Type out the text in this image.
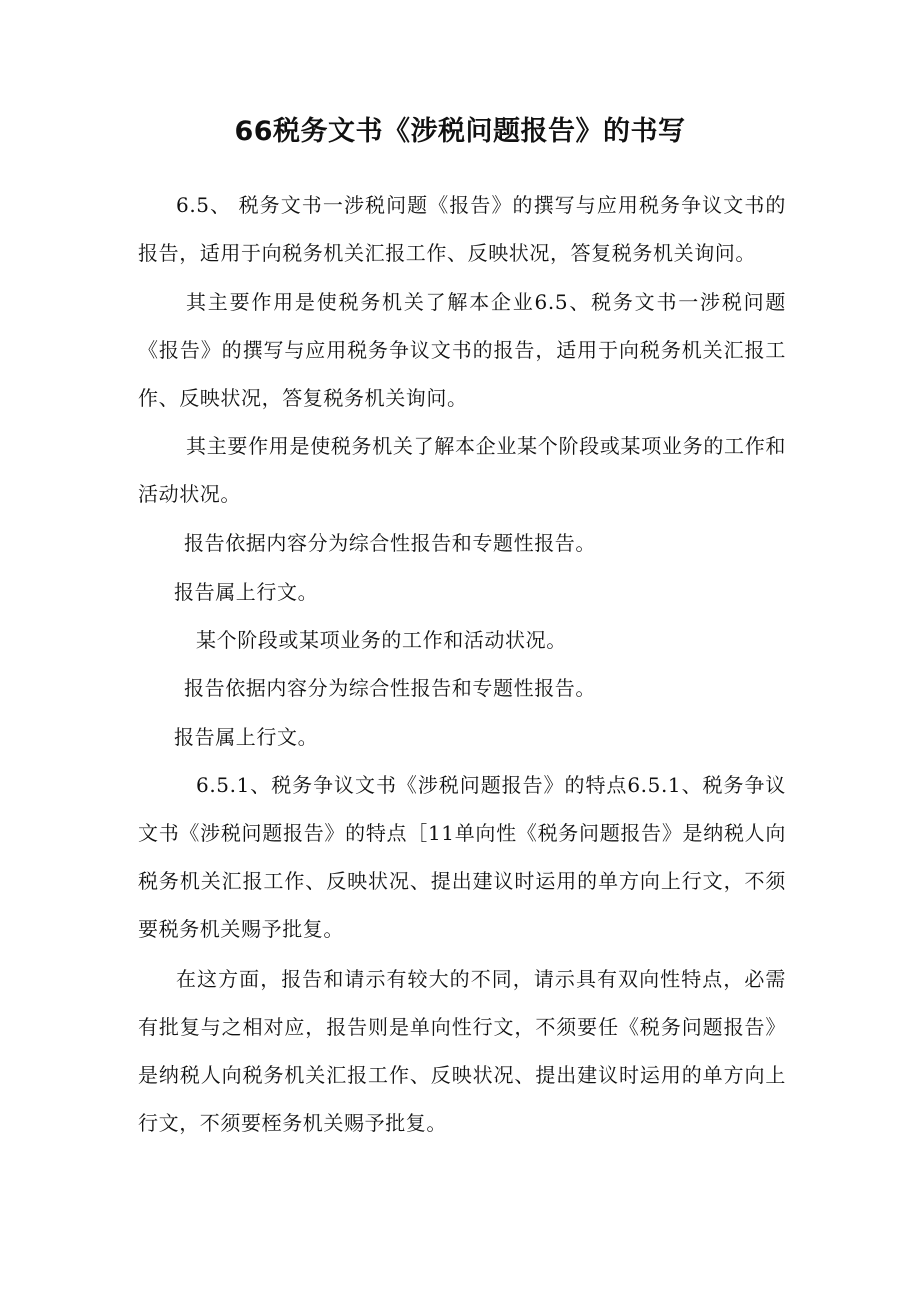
66税务文书《涉税问题报告》的书写
6.5、 税务文书一涉税问题《报告》的撰写与应用税务争议文书的报告，适用于向税务机关汇报工作、反映状况，答复税务机关询问。
其主要作用是使税务机关了解本企业6.5、税务文书一涉税问题《报告》的撰写与应用税务争议文书的报告，适用于向税务机关汇报工作、反映状况，答复税务机关询问。
其主要作用是使税务机关了解本企业某个阶段或某项业务的工作和活动状况。
报告依据内容分为综合性报告和专题性报告。
报告属上行文。
某个阶段或某项业务的工作和活动状况。
报告依据内容分为综合性报告和专题性报告。
报告属上行文。
6.5.1、税务争议文书《涉税问题报告》的特点6.5.1、税务争议文书《涉税问题报告》的特点［11单向性《税务问题报告》是纳税人向税务机关汇报工作、反映状况、提出建议时运用的单方向上行文，不须要税务机关赐予批复。
在这方面，报告和请示有较大的不同，请示具有双向性特点，必需有批复与之相对应，报告则是单向性行文，不须要任《税务问题报告》是纳税人向税务机关汇报工作、反映状况、提出建议时运用的单方向上行文，不须要桎务机关赐予批复。
